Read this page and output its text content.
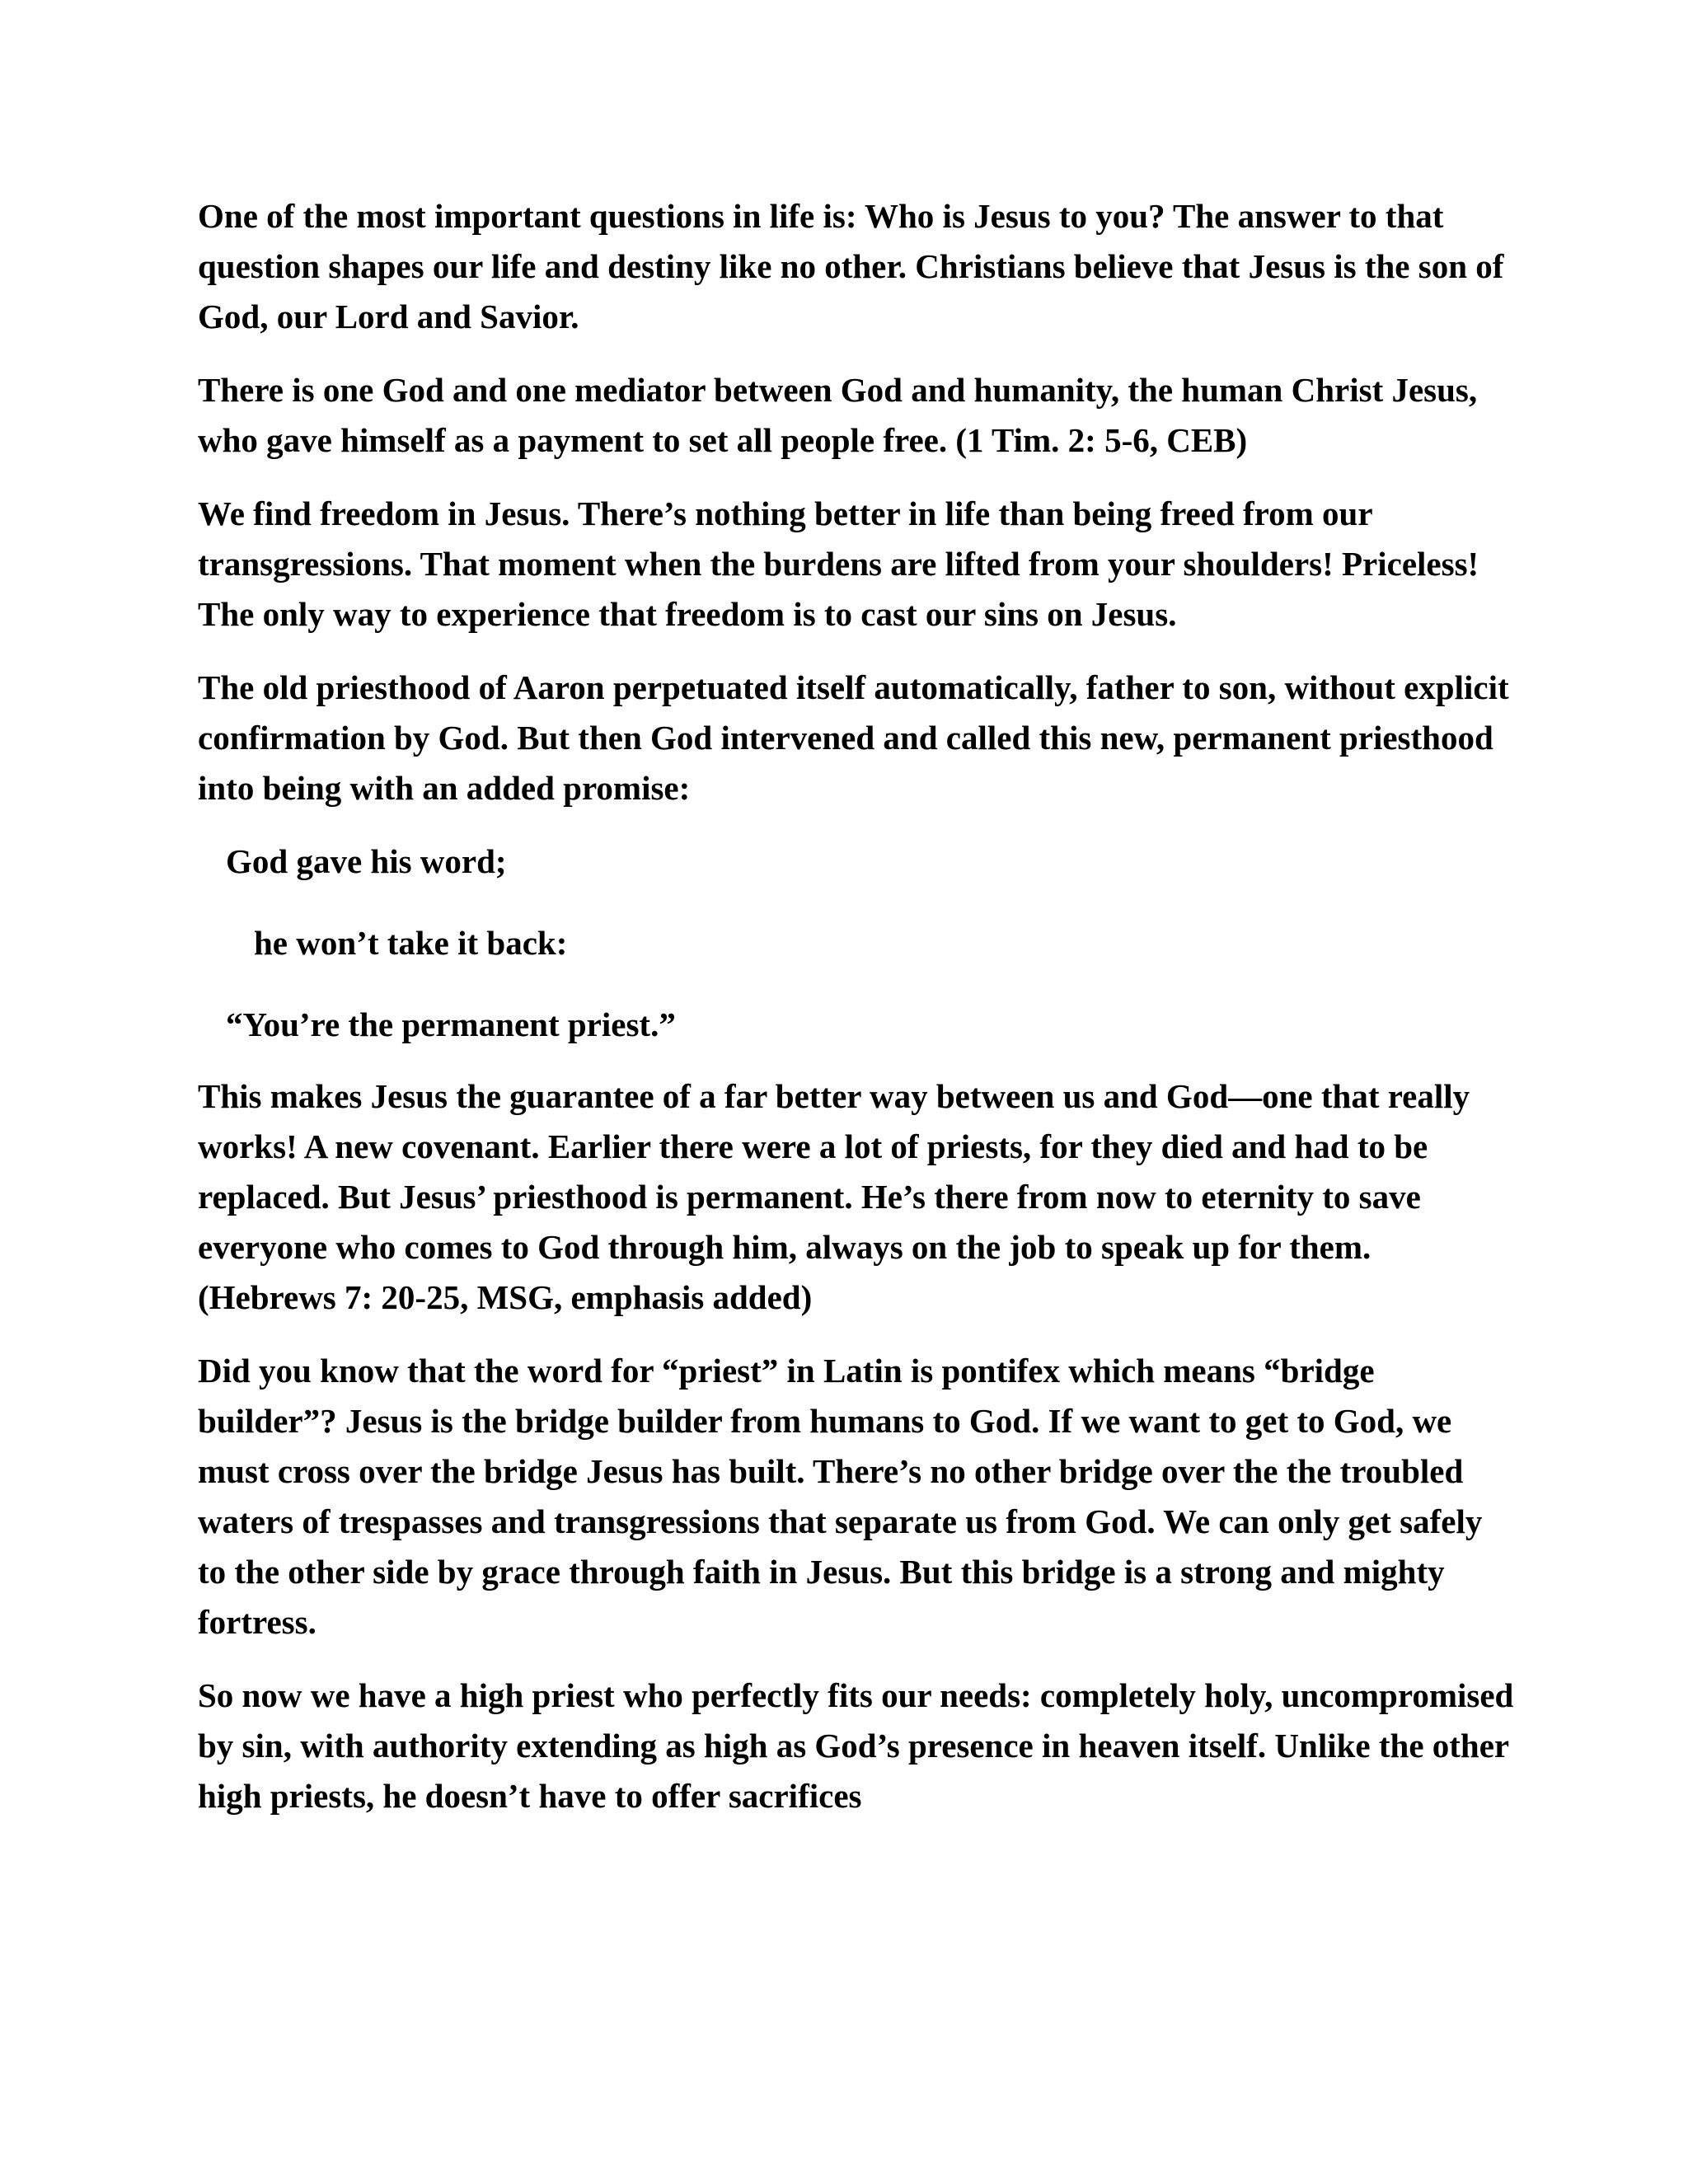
One of the most important questions in life is: Who is Jesus to you? The answer to that question shapes our life and destiny like no other. Christians believe that Jesus is the son of God, our Lord and Savior.

There is one God and one mediator between God and humanity, the human Christ Jesus, who gave himself as a payment to set all people free. (1 Tim. 2: 5-6, CEB)

We find freedom in Jesus. There’s nothing better in life than being freed from our transgressions. That moment when the burdens are lifted from your shoulders! Priceless! The only way to experience that freedom is to cast our sins on Jesus.

The old priesthood of Aaron perpetuated itself automatically, father to son, without explicit confirmation by God. But then God intervened and called this new, permanent priesthood into being with an added promise:

God gave his word;

he won’t take it back:

“You’re the permanent priest.”

This makes Jesus the guarantee of a far better way between us and God—one that really works! A new covenant. Earlier there were a lot of priests, for they died and had to be replaced. But Jesus’ priesthood is permanent. He’s there from now to eternity to save everyone who comes to God through him, always on the job to speak up for them. (Hebrews 7: 20-25, MSG, emphasis added)

Did you know that the word for “priest” in Latin is pontifex which means “bridge builder”? Jesus is the bridge builder from humans to God. If we want to get to God, we must cross over the bridge Jesus has built. There’s no other bridge over the the troubled waters of trespasses and transgressions that separate us from God. We can only get safely to the other side by grace through faith in Jesus. But this bridge is a strong and mighty fortress.

So now we have a high priest who perfectly fits our needs: completely holy, uncompromised by sin, with authority extending as high as God’s presence in heaven itself. Unlike the other high priests, he doesn’t have to offer sacrifices
